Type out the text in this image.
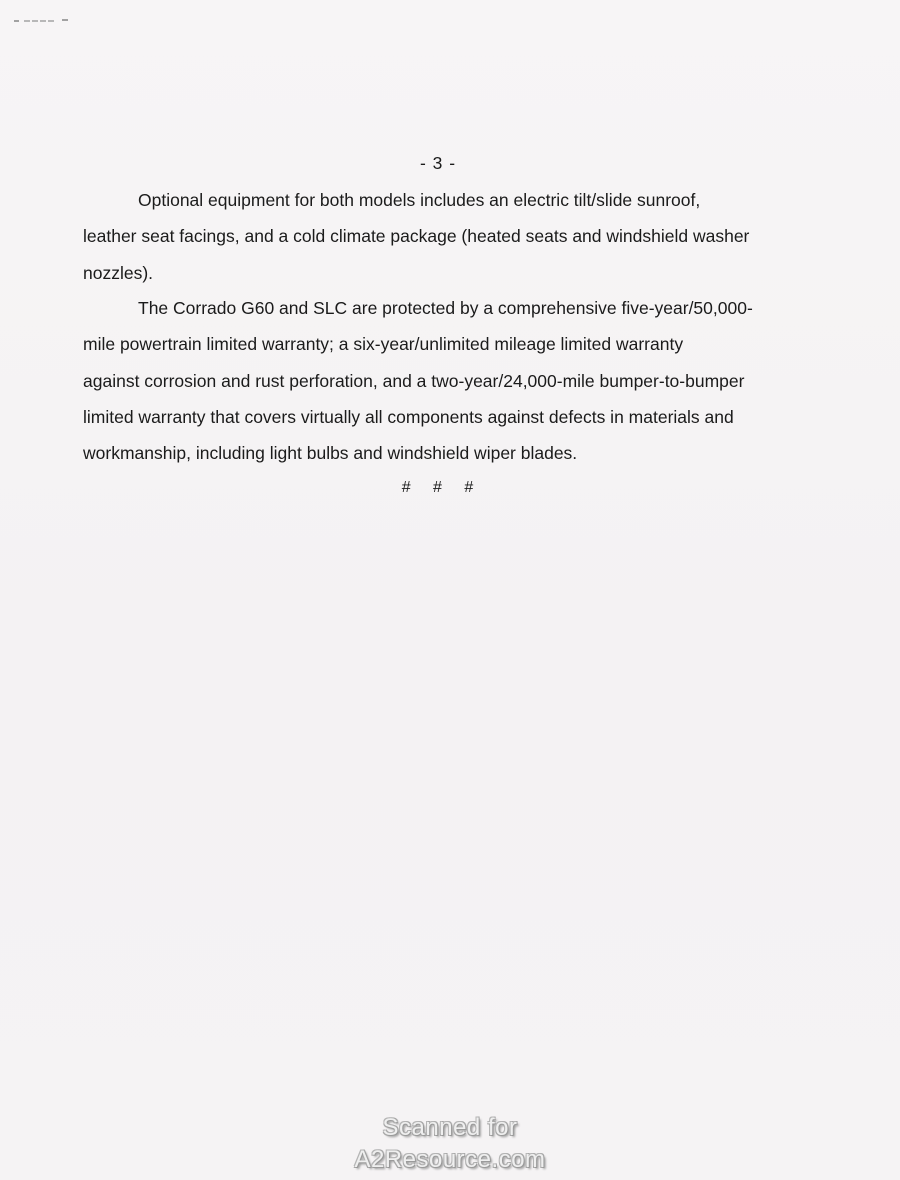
- 3 -

Optional equipment for both models includes an electric tilt/slide sunroof,
leather seat facings, and a cold climate package (heated seats and windshield washer
nozzles).

The Corrado G60 and SLC are protected by a comprehensive five-year/50,000-
mile powertrain limited warranty; a six-year/unlimited mileage limited warranty
against corrosion and rust perforation, and a two-year/24,000-mile bumper-to-bumper
limited warranty that covers virtually all components against defects in materials and
workmanship, including light bulbs and windshield wiper blades.

# # #
Scanned for
A2Resource.com
